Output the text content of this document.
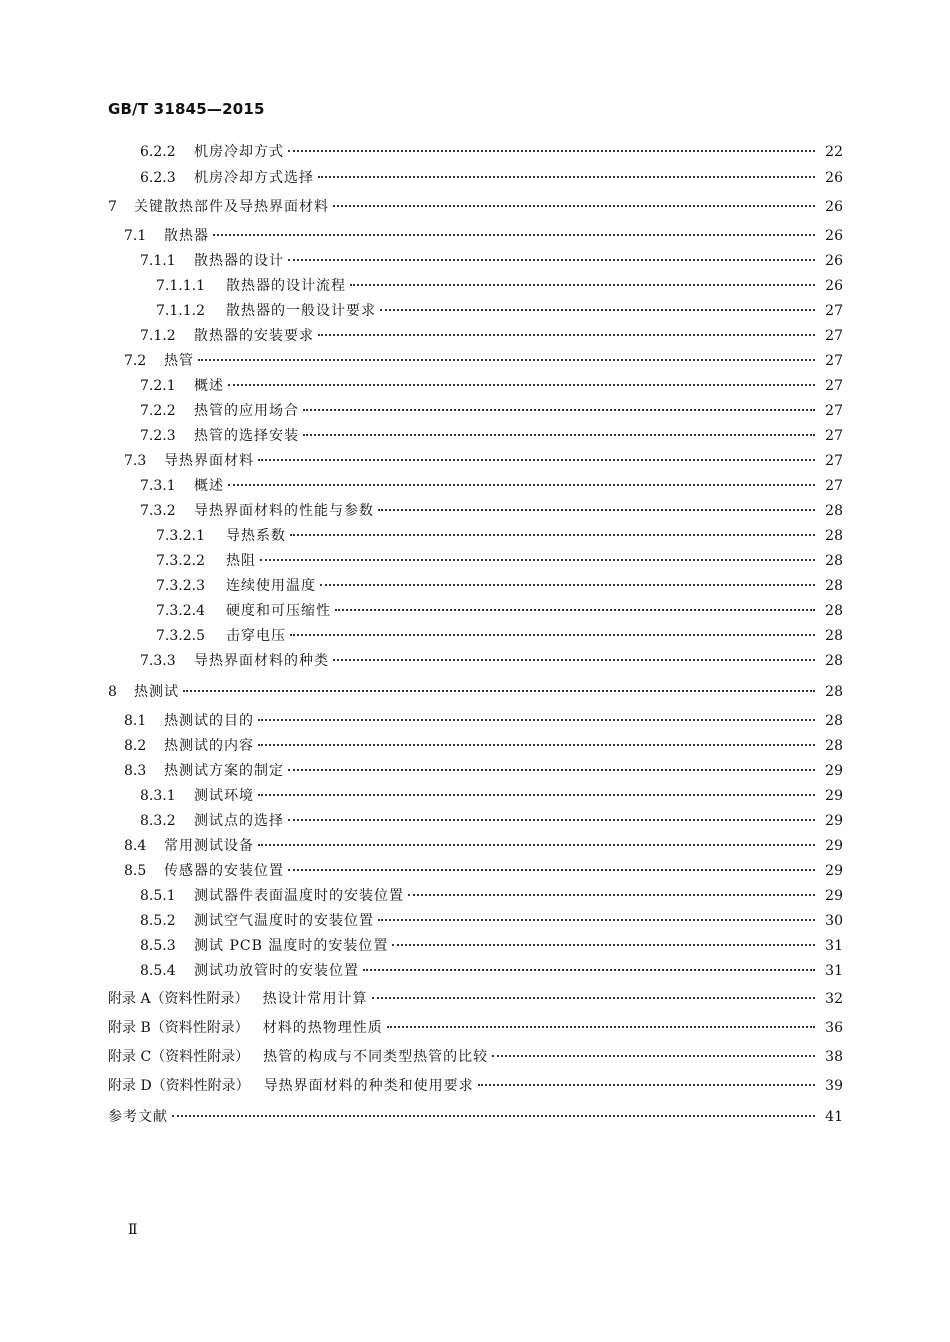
GB/T 31845—2015
6.2.2	机房冷却方式	22
6.2.3	机房冷却方式选择	26
7	关键散热部件及导热界面材料	26
7.1	散热器	26
7.1.1	散热器的设计	26
7.1.1.1	散热器的设计流程	26
7.1.1.2	散热器的一般设计要求	27
7.1.2	散热器的安装要求	27
7.2	热管	27
7.2.1	概述	27
7.2.2	热管的应用场合	27
7.2.3	热管的选择安装	27
7.3	导热界面材料	27
7.3.1	概述	27
7.3.2	导热界面材料的性能与参数	28
7.3.2.1	导热系数	28
7.3.2.2	热阻	28
7.3.2.3	连续使用温度	28
7.3.2.4	硬度和可压缩性	28
7.3.2.5	击穿电压	28
7.3.3	导热界面材料的种类	28
8	热测试	28
8.1	热测试的目的	28
8.2	热测试的内容	28
8.3	热测试方案的制定	29
8.3.1	测试环境	29
8.3.2	测试点的选择	29
8.4	常用测试设备	29
8.5	传感器的安装位置	29
8.5.1	测试器件表面温度时的安装位置	29
8.5.2	测试空气温度时的安装位置	30
8.5.3	测试 PCB 温度时的安装位置	31
8.5.4	测试功放管时的安装位置	31
附录 A（资料性附录） 热设计常用计算	32
附录 B（资料性附录） 材料的热物理性质	36
附录 C（资料性附录） 热管的构成与不同类型热管的比较	38
附录 D（资料性附录） 导热界面材料的种类和使用要求	39
参考文献	41
Ⅱ
